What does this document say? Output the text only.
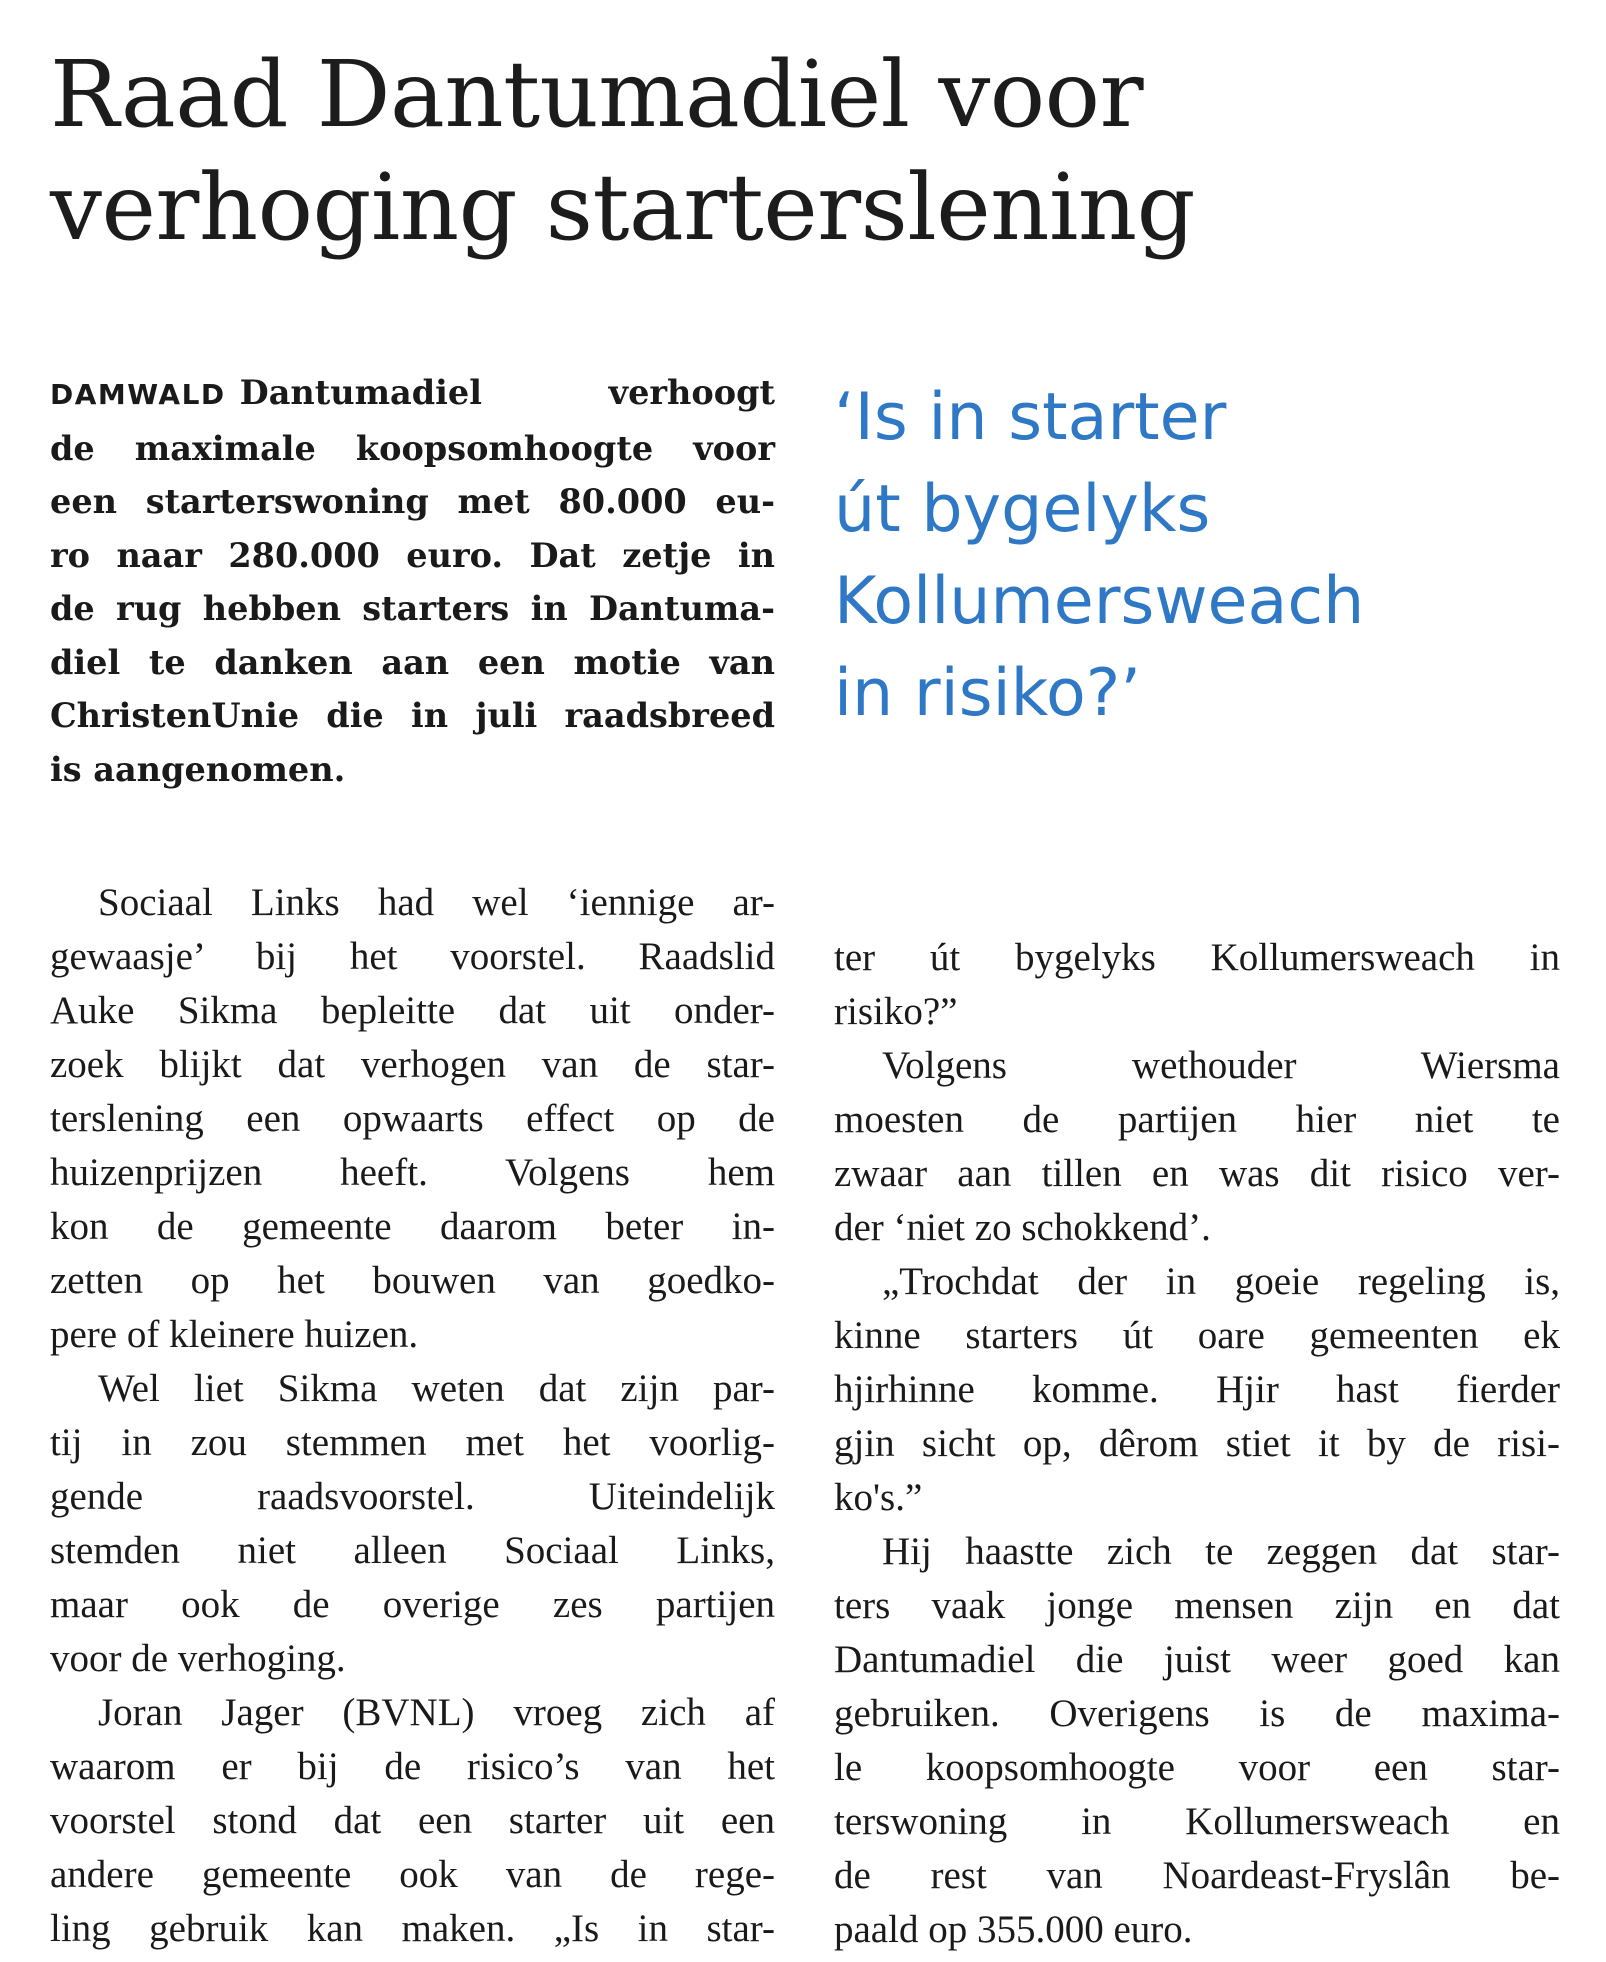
Raad Dantumadiel voor
verhoging starterslening

DAMWALD Dantumadiel verhoogt
de maximale koopsomhoogte voor
een starterswoning met 80.000 eu-
ro naar 280.000 euro. Dat zetje in
de rug hebben starters in Dantuma-
diel te danken aan een motie van
ChristenUnie die in juli raadsbreed
is aangenomen.

Sociaal Links had wel ‘iennige ar-
gewaasje’ bij het voorstel. Raadslid
Auke Sikma bepleitte dat uit onder-
zoek blijkt dat verhogen van de star-
terslening een opwaarts effect op de
huizenprijzen heeft. Volgens hem
kon de gemeente daarom beter in-
zetten op het bouwen van goedko-
pere of kleinere huizen.
Wel liet Sikma weten dat zijn par-
tij in zou stemmen met het voorlig-
gende raadsvoorstel. Uiteindelijk
stemden niet alleen Sociaal Links,
maar ook de overige zes partijen
voor de verhoging.
Joran Jager (BVNL) vroeg zich af
waarom er bij de risico’s van het
voorstel stond dat een starter uit een
andere gemeente ook van de rege-
ling gebruik kan maken. „Is in star-

‘Is in starter
út bygelyks
Kollumersweach
in risiko?’

ter út bygelyks Kollumersweach in
risiko?”
Volgens wethouder Wiersma
moesten de partijen hier niet te
zwaar aan tillen en was dit risico ver-
der ‘niet zo schokkend’.
„Trochdat der in goeie regeling is,
kinne starters út oare gemeenten ek
hjirhinne komme. Hjir hast fierder
gjin sicht op, dêrom stiet it by de risi-
ko's.”
Hij haastte zich te zeggen dat star-
ters vaak jonge mensen zijn en dat
Dantumadiel die juist weer goed kan
gebruiken. Overigens is de maxima-
le koopsomhoogte voor een star-
terswoning in Kollumersweach en
de rest van Noardeast-Fryslân be-
paald op 355.000 euro.
